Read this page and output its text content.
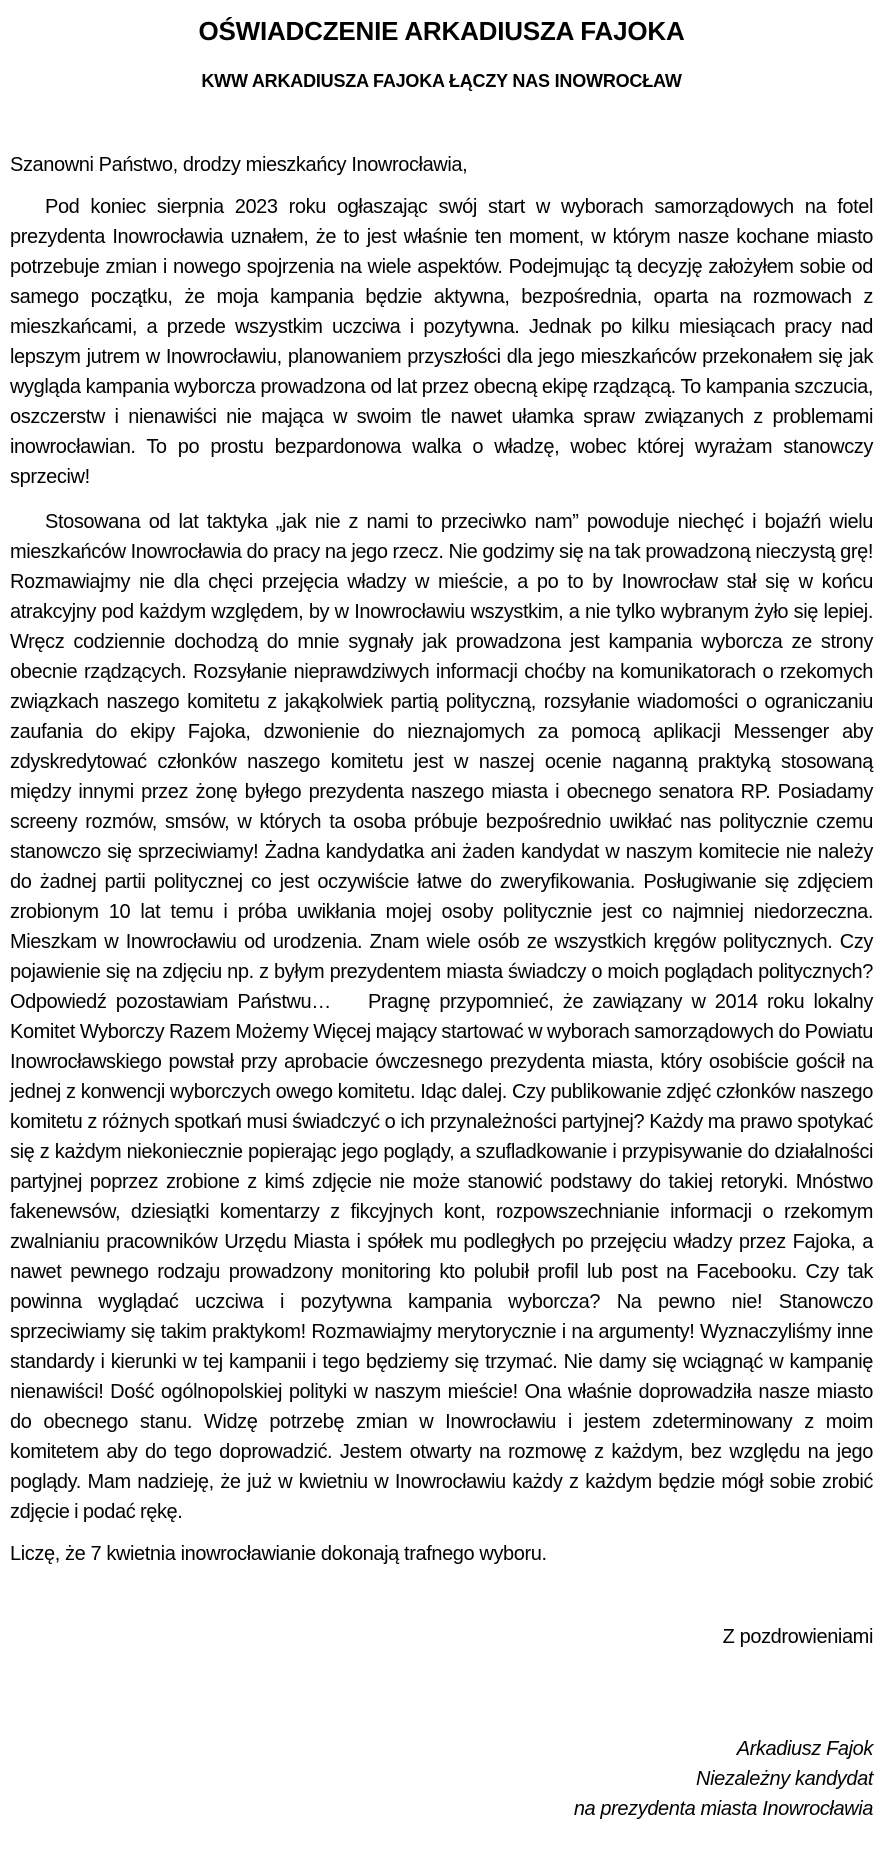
OŚWIADCZENIE ARKADIUSZA FAJOKA
KWW ARKADIUSZA FAJOKA ŁĄCZY NAS INOWROCŁAW

Szanowni Państwo, drodzy mieszkańcy Inowrocławia,

Pod koniec sierpnia 2023 roku ogłaszając swój start w wyborach samorządowych na fotel prezydenta Inowrocławia uznałem, że to jest właśnie ten moment, w którym nasze kochane miasto potrzebuje zmian i nowego spojrzenia na wiele aspektów. Podejmując tą decyzję założyłem sobie od samego początku, że moja kampania będzie aktywna, bezpośrednia, oparta na rozmowach z mieszkańcami, a przede wszystkim uczciwa i pozytywna. Jednak po kilku miesiącach pracy nad lepszym jutrem w Inowrocławiu, planowaniem przyszłości dla jego mieszkańców przekonałem się jak wygląda kampania wyborcza prowadzona od lat przez obecną ekipę rządzącą. To kampania szczucia, oszczerstw i nienawiści nie mająca w swoim tle nawet ułamka spraw związanych z problemami inowrocławian. To po prostu bezpardonowa walka o władzę, wobec której wyrażam stanowczy sprzeciw!

Stosowana od lat taktyka „jak nie z nami to przeciwko nam” powoduje niechęć i bojaźń wielu mieszkańców Inowrocławia do pracy na jego rzecz. Nie godzimy się na tak prowadzoną nieczystą grę! Rozmawiajmy nie dla chęci przejęcia władzy w mieście, a po to by Inowrocław stał się w końcu atrakcyjny pod każdym względem, by w Inowrocławiu wszystkim, a nie tylko wybranym żyło się lepiej. Wręcz codziennie dochodzą do mnie sygnały jak prowadzona jest kampania wyborcza ze strony obecnie rządzących. Rozsyłanie nieprawdziwych informacji choćby na komunikatorach o rzekomych związkach naszego komitetu z jakąkolwiek partią polityczną, rozsyłanie wiadomości o ograniczaniu zaufania do ekipy Fajoka, dzwonienie do nieznajomych za pomocą aplikacji Messenger aby zdyskredytować członków naszego komitetu jest w naszej ocenie naganną praktyką stosowaną między innymi przez żonę byłego prezydenta naszego miasta i obecnego senatora RP. Posiadamy screeny rozmów, smsów, w których ta osoba próbuje bezpośrednio uwikłać nas politycznie czemu stanowczo się sprzeciwiamy! Żadna kandydatka ani żaden kandydat w naszym komitecie nie należy do żadnej partii politycznej co jest oczywiście łatwe do zweryfikowania. Posługiwanie się zdjęciem zrobionym 10 lat temu i próba uwikłania mojej osoby politycznie jest co najmniej niedorzeczna. Mieszkam w Inowrocławiu od urodzenia. Znam wiele osób ze wszystkich kręgów politycznych. Czy pojawienie się na zdjęciu np. z byłym prezydentem miasta świadczy o moich poglądach politycznych? Odpowiedź pozostawiam Państwu…    Pragnę przypomnieć, że zawiązany w 2014 roku lokalny Komitet Wyborczy Razem Możemy Więcej mający startować w wyborach samorządowych do Powiatu Inowrocławskiego powstał przy aprobacie ówczesnego prezydenta miasta, który osobiście gościł na jednej z konwencji wyborczych owego komitetu. Idąc dalej. Czy publikowanie zdjęć członków naszego komitetu z różnych spotkań musi świadczyć o ich przynależności partyjnej? Każdy ma prawo spotykać się z każdym niekoniecznie popierając jego poglądy, a szufladkowanie i przypisywanie do działalności partyjnej poprzez zrobione z kimś zdjęcie nie może stanowić podstawy do takiej retoryki. Mnóstwo fakenewsów, dziesiątki komentarzy z fikcyjnych kont, rozpowszechnianie informacji o rzekomym zwalnianiu pracowników Urzędu Miasta i spółek mu podległych po przejęciu władzy przez Fajoka, a nawet pewnego rodzaju prowadzony monitoring kto polubił profil lub post na Facebooku. Czy tak powinna wyglądać uczciwa i pozytywna kampania wyborcza? Na pewno nie! Stanowczo sprzeciwiamy się takim praktykom! Rozmawiajmy merytorycznie i na argumenty! Wyznaczyliśmy inne standardy i kierunki w tej kampanii i tego będziemy się trzymać. Nie damy się wciągnąć w kampanię nienawiści! Dość ogólnopolskiej polityki w naszym mieście! Ona właśnie doprowadziła nasze miasto do obecnego stanu. Widzę potrzebę zmian w Inowrocławiu i jestem zdeterminowany z moim komitetem aby do tego doprowadzić. Jestem otwarty na rozmowę z każdym, bez względu na jego poglądy. Mam nadzieję, że już w kwietniu w Inowrocławiu każdy z każdym będzie mógł sobie zrobić zdjęcie i podać rękę.

Liczę, że 7 kwietnia inowrocławianie dokonają trafnego wyboru.

Z pozdrowieniami

Arkadiusz Fajok
Niezależny kandydat
na prezydenta miasta Inowrocławia
